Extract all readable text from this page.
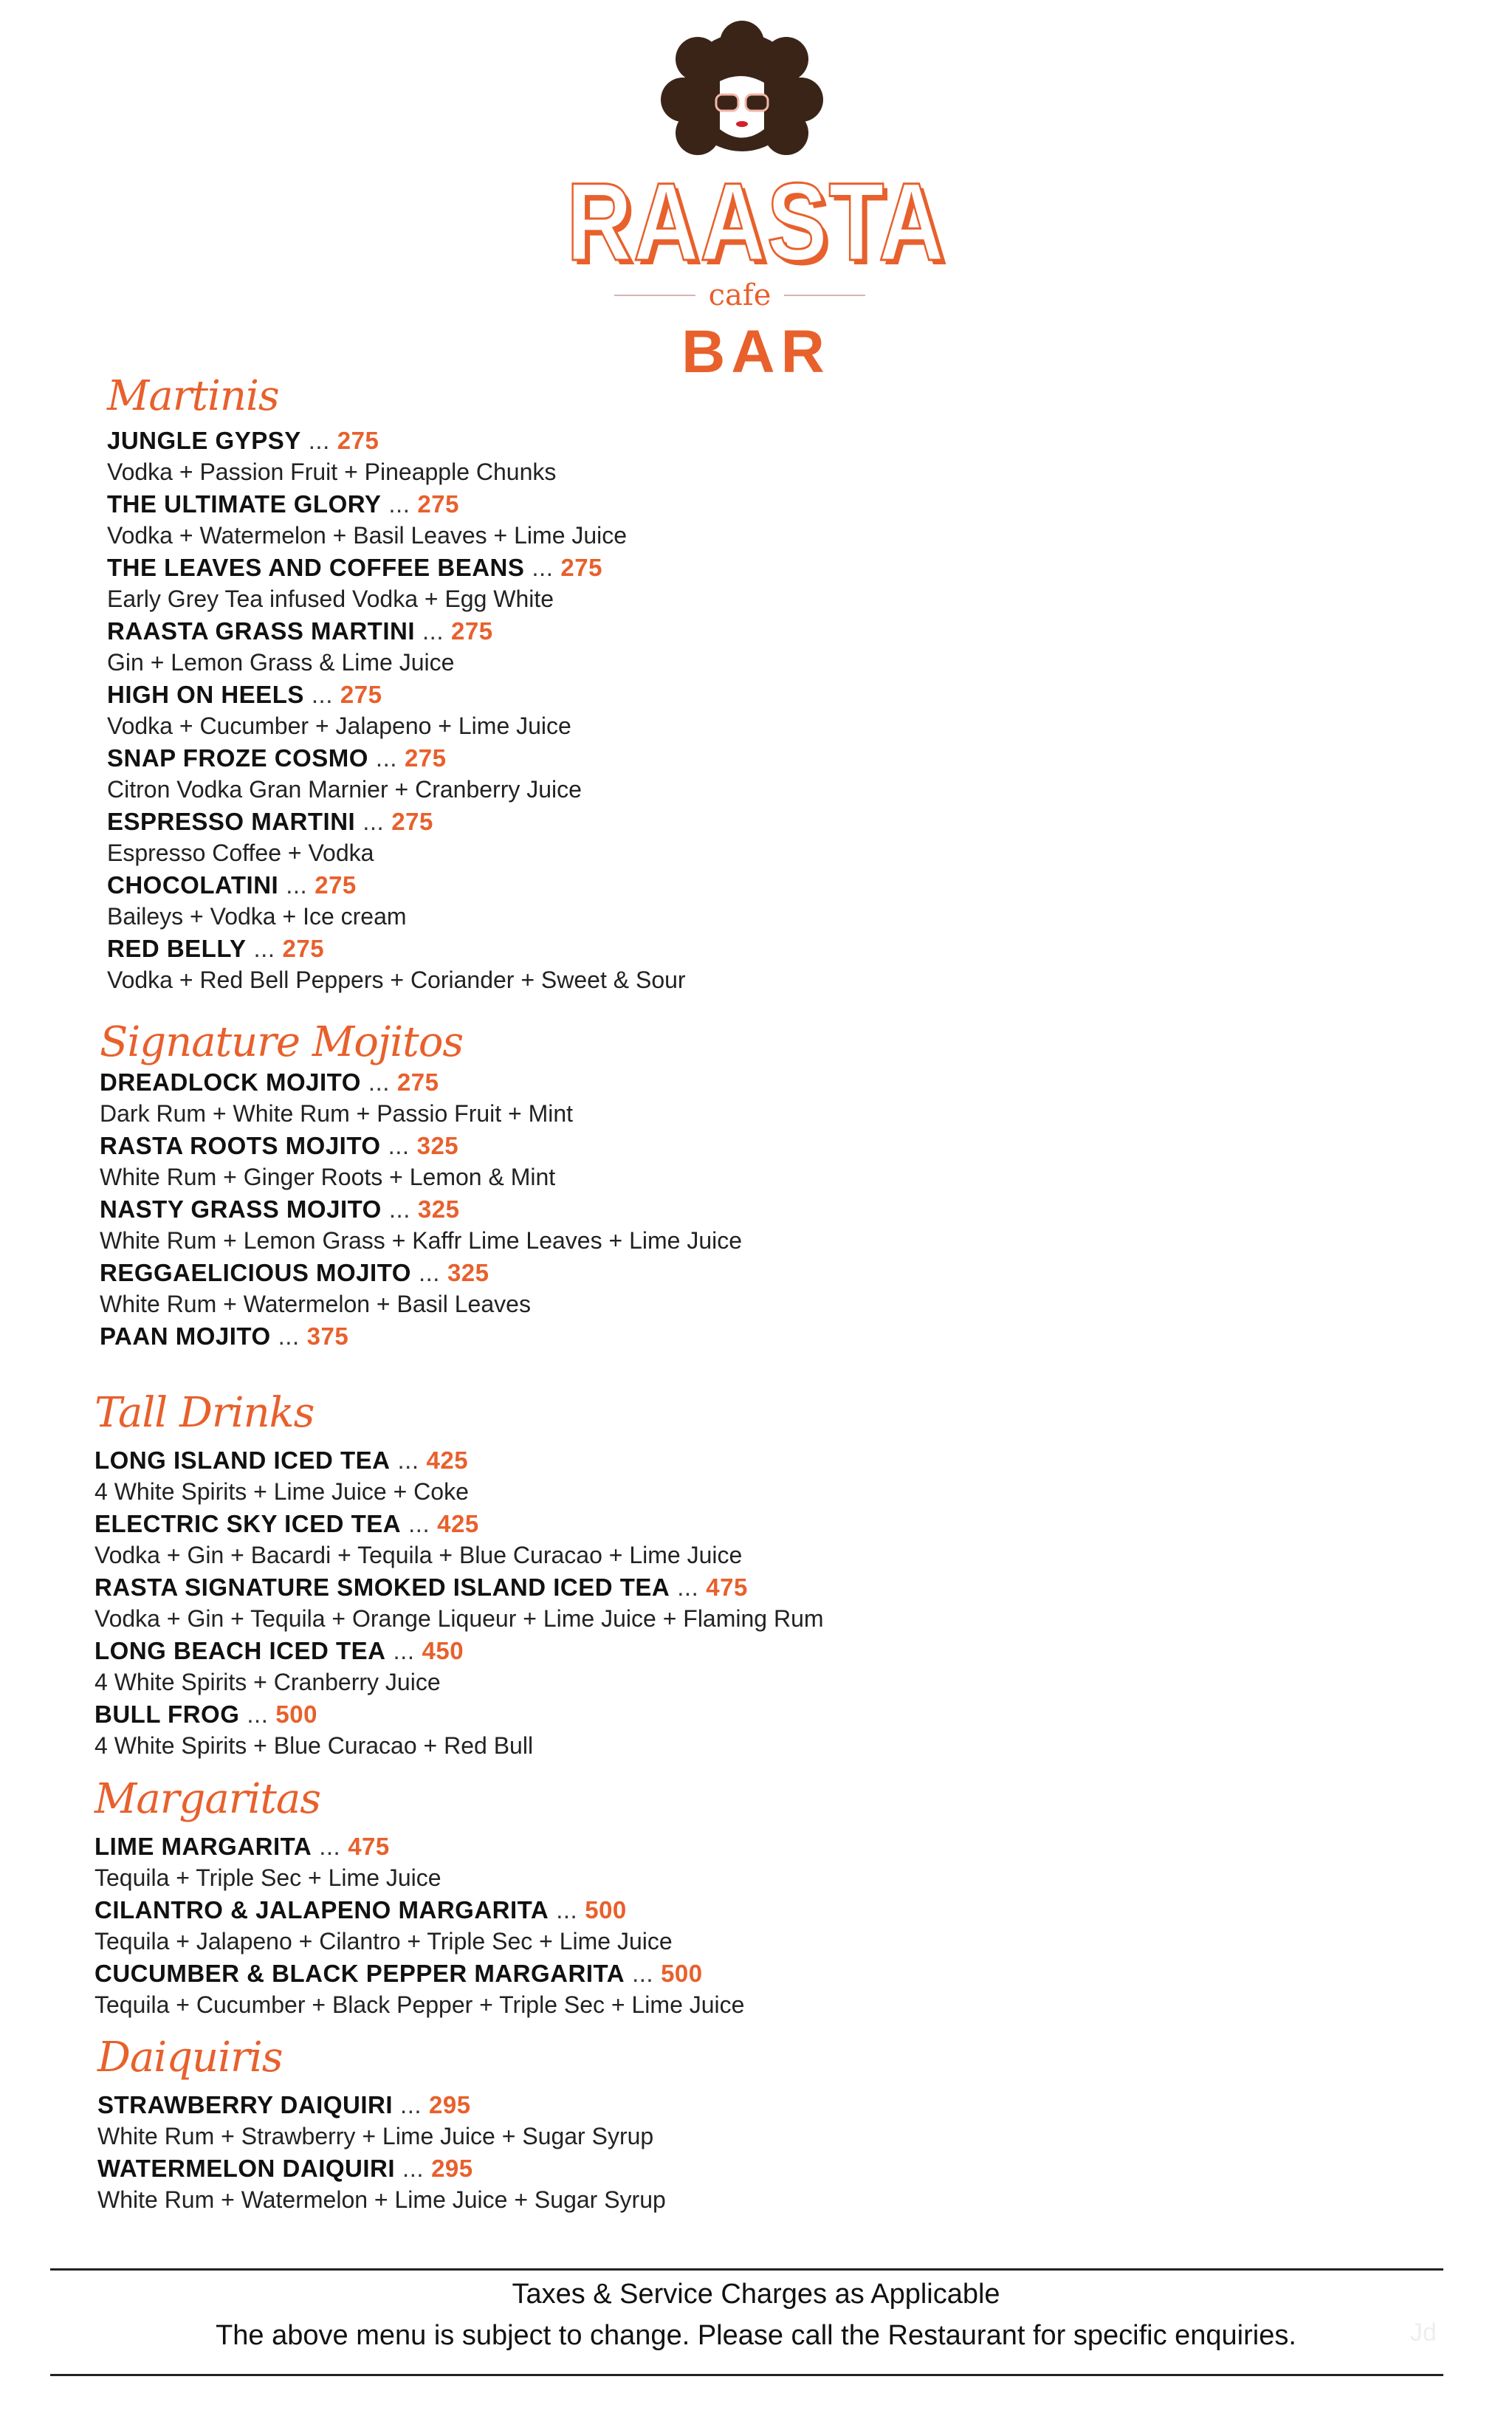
RAASTA
cafe
BAR
Martinis
JUNGLE GYPSY ... 275
Vodka + Passion Fruit + Pineapple Chunks
THE ULTIMATE GLORY ... 275
Vodka + Watermelon + Basil Leaves + Lime Juice
THE LEAVES AND COFFEE BEANS ... 275
Early Grey Tea infused Vodka + Egg White
RAASTA GRASS MARTINI ... 275
Gin + Lemon Grass & Lime Juice
HIGH ON HEELS ... 275
Vodka + Cucumber + Jalapeno + Lime Juice
SNAP FROZE COSMO ... 275
Citron Vodka Gran Marnier + Cranberry Juice
ESPRESSO MARTINI ... 275
Espresso Coffee + Vodka
CHOCOLATINI ... 275
Baileys + Vodka + Ice cream
RED BELLY ... 275
Vodka + Red Bell Peppers + Coriander + Sweet & Sour
Signature Mojitos
DREADLOCK MOJITO ... 275
Dark Rum + White Rum + Passio Fruit + Mint
RASTA ROOTS MOJITO ... 325
White Rum + Ginger Roots + Lemon & Mint
NASTY GRASS MOJITO ... 325
White Rum + Lemon Grass + Kaffr Lime Leaves + Lime Juice
REGGAELICIOUS MOJITO ... 325
White Rum + Watermelon + Basil Leaves
PAAN MOJITO ... 375
Tall Drinks
LONG ISLAND ICED TEA ... 425
4 White Spirits + Lime Juice + Coke
ELECTRIC SKY ICED TEA ... 425
Vodka + Gin + Bacardi + Tequila + Blue Curacao + Lime Juice
RASTA SIGNATURE SMOKED ISLAND ICED TEA ... 475
Vodka + Gin + Tequila + Orange Liqueur + Lime Juice + Flaming Rum
LONG BEACH ICED TEA ... 450
4 White Spirits + Cranberry Juice
BULL FROG ... 500
4 White Spirits + Blue Curacao + Red Bull
Margaritas
LIME MARGARITA ... 475
Tequila + Triple Sec + Lime Juice
CILANTRO & JALAPENO MARGARITA ... 500
Tequila + Jalapeno + Cilantro + Triple Sec + Lime Juice
CUCUMBER & BLACK PEPPER MARGARITA ... 500
Tequila + Cucumber + Black Pepper + Triple Sec + Lime Juice
Daiquiris
STRAWBERRY DAIQUIRI ... 295
White Rum + Strawberry + Lime Juice + Sugar Syrup
WATERMELON DAIQUIRI ... 295
White Rum + Watermelon + Lime Juice + Sugar Syrup
Taxes & Service Charges as Applicable
The above menu is subject to change. Please call the Restaurant for specific enquiries.	Jd
